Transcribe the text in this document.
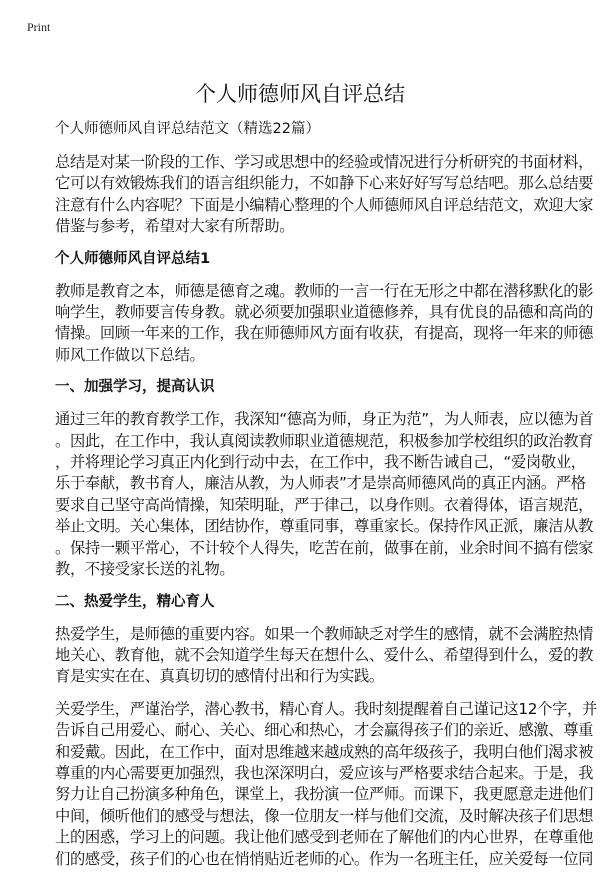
Print
个人师德师风自评总结
个人师德师风自评总结范文（精选22篇）
总结是对某一阶段的工作、学习或思想中的经验或情况进行分析研究的书面材料，
它可以有效锻炼我们的语言组织能力，不如静下心来好好写写总结吧。那么总结要
注意有什么内容呢？下面是小编精心整理的个人师德师风自评总结范文，欢迎大家
借鉴与参考，希望对大家有所帮助。
个人师德师风自评总结1
教师是教育之本，师德是德育之魂。教师的一言一行在无形之中都在潜移默化的影
响学生，教师要言传身教。就必须要加强职业道德修养，具有优良的品德和高尚的
情操。回顾一年来的工作，我在师德师风方面有收获，有提高，现将一年来的师德
师风工作做以下总结。
一、加强学习，提高认识
通过三年的教育教学工作，我深知“德高为师，身正为范”，为人师表，应以德为首
。因此，在工作中，我认真阅读教师职业道德规范，积极参加学校组织的政治教育
，并将理论学习真正内化到行动中去，在工作中，我不断告诫自己，“爱岗敬业，
乐于奉献，教书育人，廉洁从教，为人师表”才是崇高师德风尚的真正内涵。严格
要求自己坚守高尚情操，知荣明耻，严于律己，以身作则。衣着得体，语言规范，
举止文明。关心集体，团结协作，尊重同事，尊重家长。保持作风正派，廉洁从教
。保持一颗平常心，不计较个人得失，吃苦在前，做事在前，业余时间不搞有偿家
教，不接受家长送的礼物。
二、热爱学生，精心育人
热爱学生，是师德的重要内容。如果一个教师缺乏对学生的感情，就不会满腔热情
地关心、教育他，就不会知道学生每天在想什么、爱什么、希望得到什么，爱的教
育是实实在在、真真切切的感情付出和行为实践。
关爱学生，严谨治学，潜心教书，精心育人。我时刻提醒着自己谨记这12个字，并
告诉自己用爱心、耐心、关心、细心和热心，才会赢得孩子们的亲近、感激、尊重
和爱戴。因此，在工作中，面对思维越来越成熟的高年级孩子，我明白他们渴求被
尊重的内心需要更加强烈，我也深深明白，爱应该与严格要求结合起来。于是，我
努力让自己扮演多种角色，课堂上，我扮演一位严师。而课下，我更愿意走进他们
中间，倾听他们的感受与想法，像一位朋友一样与他们交流，及时解决孩子们思想
上的困惑，学习上的问题。我让他们感受到老师在了解他们的内心世界，在尊重他
们的感受，孩子们的心也在悄悄贴近老师的心。作为一名班主任，应关爱每一位同
